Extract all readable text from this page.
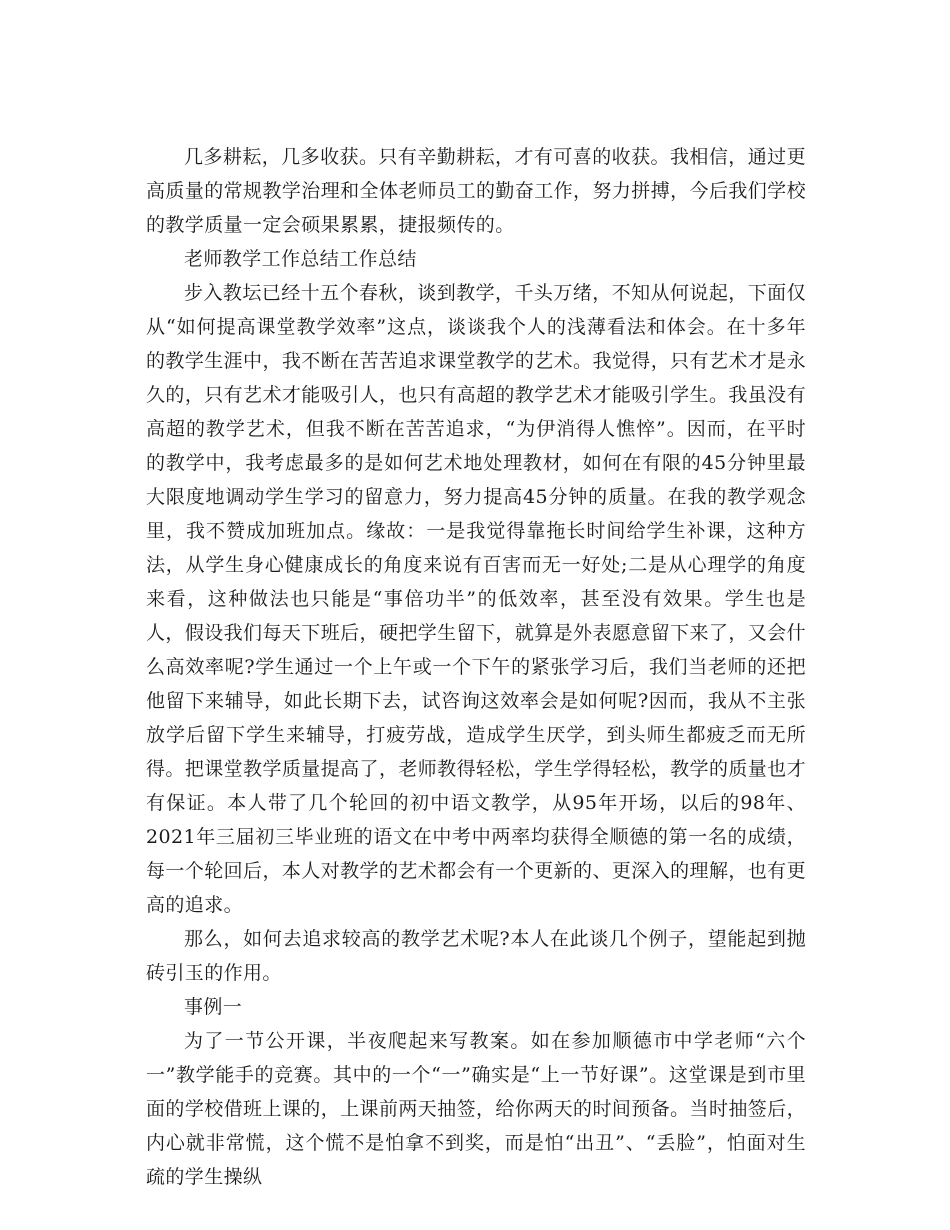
几多耕耘，几多收获。只有辛勤耕耘，才有可喜的收获。我相信，通过更高质量的常规教学治理和全体老师员工的勤奋工作，努力拼搏，今后我们学校的教学质量一定会硕果累累，捷报频传的。

老师教学工作总结工作总结

步入教坛已经十五个春秋，谈到教学，千头万绪，不知从何说起，下面仅从“如何提高课堂教学效率”这点，谈谈我个人的浅薄看法和体会。在十多年的教学生涯中，我不断在苦苦追求课堂教学的艺术。我觉得，只有艺术才是永久的，只有艺术才能吸引人，也只有高超的教学艺术才能吸引学生。我虽没有高超的教学艺术，但我不断在苦苦追求，“为伊消得人憔悴”。因而，在平时的教学中，我考虑最多的是如何艺术地处理教材，如何在有限的45分钟里最大限度地调动学生学习的留意力，努力提高45分钟的质量。在我的教学观念里，我不赞成加班加点。缘故：一是我觉得靠拖长时间给学生补课，这种方法，从学生身心健康成长的角度来说有百害而无一好处;二是从心理学的角度来看，这种做法也只能是“事倍功半”的低效率，甚至没有效果。学生也是人，假设我们每天下班后，硬把学生留下，就算是外表愿意留下来了，又会什么高效率呢?学生通过一个上午或一个下午的紧张学习后，我们当老师的还把他留下来辅导，如此长期下去，试咨询这效率会是如何呢?因而，我从不主张放学后留下学生来辅导，打疲劳战，造成学生厌学，到头师生都疲乏而无所得。把课堂教学质量提高了，老师教得轻松，学生学得轻松，教学的质量也才有保证。本人带了几个轮回的初中语文教学，从95年开场，以后的98年、2021年三届初三毕业班的语文在中考中两率均获得全顺德的第一名的成绩，每一个轮回后，本人对教学的艺术都会有一个更新的、更深入的理解，也有更高的追求。

那么，如何去追求较高的教学艺术呢?本人在此谈几个例子，望能起到抛砖引玉的作用。

事例一

为了一节公开课，半夜爬起来写教案。如在参加顺德市中学老师“六个一”教学能手的竞赛。其中的一个“一”确实是“上一节好课”。这堂课是到市里面的学校借班上课的，上课前两天抽签，给你两天的时间预备。当时抽签后，内心就非常慌，这个慌不是怕拿不到奖，而是怕“出丑”、“丢脸”，怕面对生疏的学生操纵
